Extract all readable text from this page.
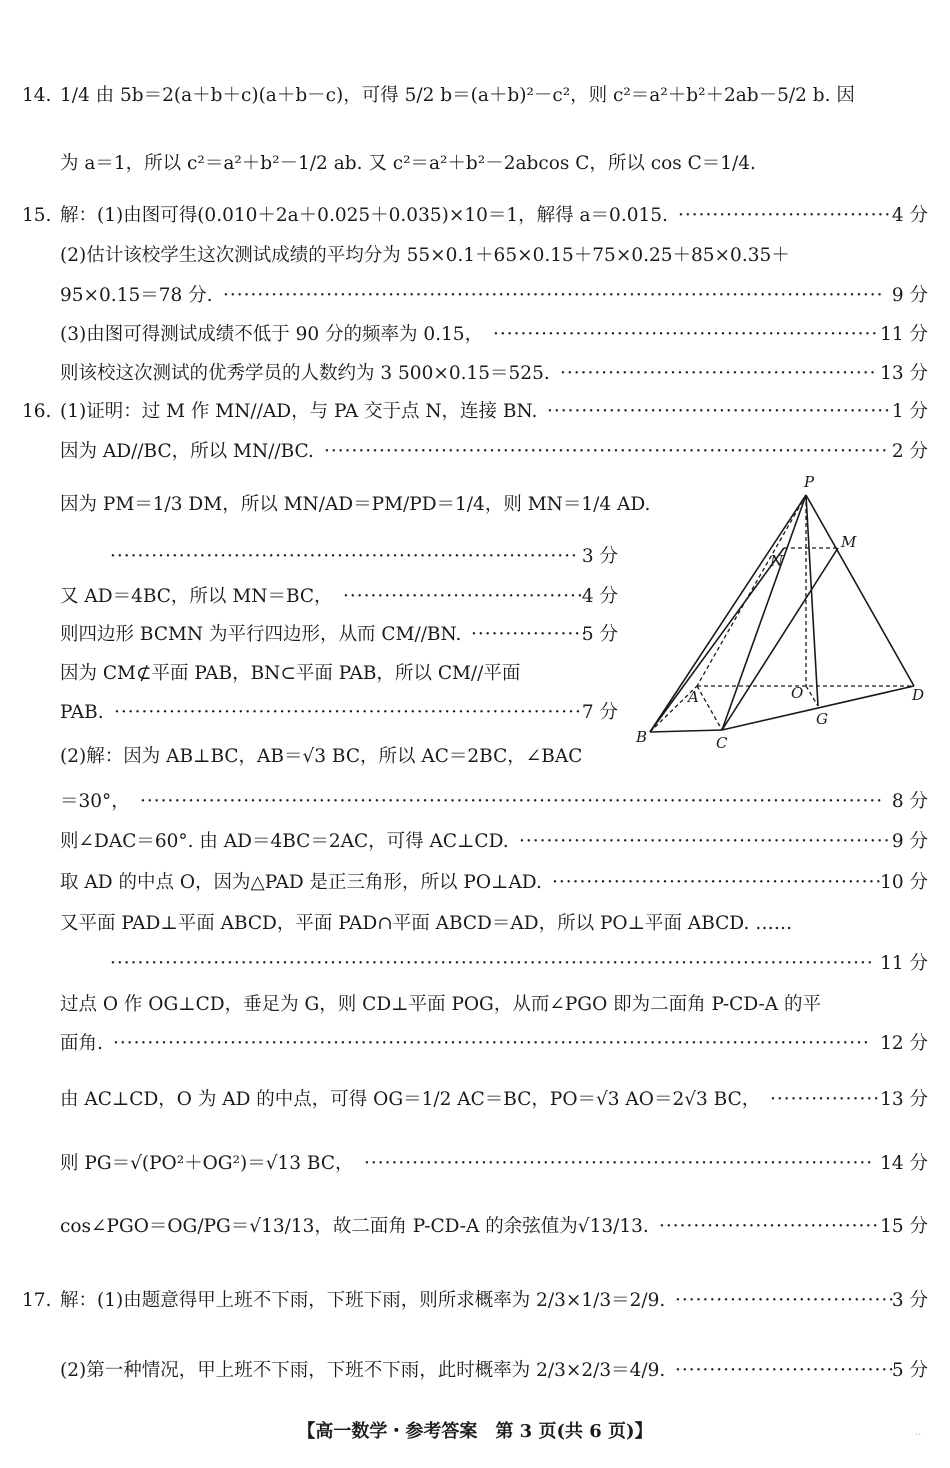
14. 1/4 由 5b＝2(a＋b＋c)(a＋b－c)，可得 5/2 b＝(a＋b)²－c²，则 c²＝a²＋b²＋2ab－5/2 b. 因
为 a＝1，所以 c²＝a²＋b²－1/2 ab. 又 c²＝a²＋b²－2abcos C，所以 cos C＝1/4.
15. 解：(1)由图可得(0.010＋2a＋0.025＋0.035)×10＝1，解得 a＝0.015.	4 分
·······························
(2)估计该校学生这次测试成绩的平均分为 55×0.1＋65×0.15＋75×0.25＋85×0.35＋
95×0.15＝78 分.	9 分
································································································
(3)由图可得测试成绩不低于 90 分的频率为 0.15，	11 分
························································
则该校这次测试的优秀学员的人数约为 3 500×0.15＝525.	13 分
··············································
16. (1)证明：过 M 作 MN//AD，与 PA 交于点 N，连接 BN.	1 分
··················································
因为 AD//BC，所以 MN//BC.	2 分
··················································································
因为 PM＝1/3 DM，所以 MN/AD＝PM/PD＝1/4，则 MN＝1/4 AD.
3 分
····································································
又 AD＝4BC，所以 MN＝BC，	4 分
···································
则四边形 BCMN 为平行四边形，从而 CM//BN.	5 分
·················
因为 CM⊄平面 PAB，BN⊂平面 PAB，所以 CM//平面
PAB.	7 分
····································································
(2)解：因为 AB⊥BC，AB＝√3 BC，所以 AC＝2BC，∠BAC
＝30°，	8 分
············································································································
则∠DAC＝60°. 由 AD＝4BC＝2AC，可得 AC⊥CD.	9 分
······················································
取 AD 的中点 O，因为△PAD 是正三角形，所以 PO⊥AD.	10 分
················································
又平面 PAD⊥平面 ABCD，平面 PAD∩平面 ABCD＝AD，所以 PO⊥平面 ABCD. ……
11 分
···············································································································
过点 O 作 OG⊥CD，垂足为 G，则 CD⊥平面 POG，从而∠PGO 即为二面角 P-CD-A 的平
面角.	12 分
··············································································································
由 AC⊥CD，O 为 AD 的中点，可得 OG＝1/2 AC＝BC，PO＝√3 AO＝2√3 BC，	13 分
················
则 PG＝√(PO²＋OG²)＝√13 BC，	14 分
··········································································
cos∠PGO＝OG/PG＝√13/13，故二面角 P-CD-A 的余弦值为√13/13.	15 分
································
17. 解：(1)由题意得甲上班不下雨，下班下雨，则所求概率为 2/3×1/3＝2/9.	3 分
································
(2)第一种情况，甲上班不下雨，下班不下雨，此时概率为 2/3×2/3＝4/9.	5 分
································
P
M
N
A	O	D
G
B	C
【高一数学・参考答案　第 3 页(共 6 页)】	··
